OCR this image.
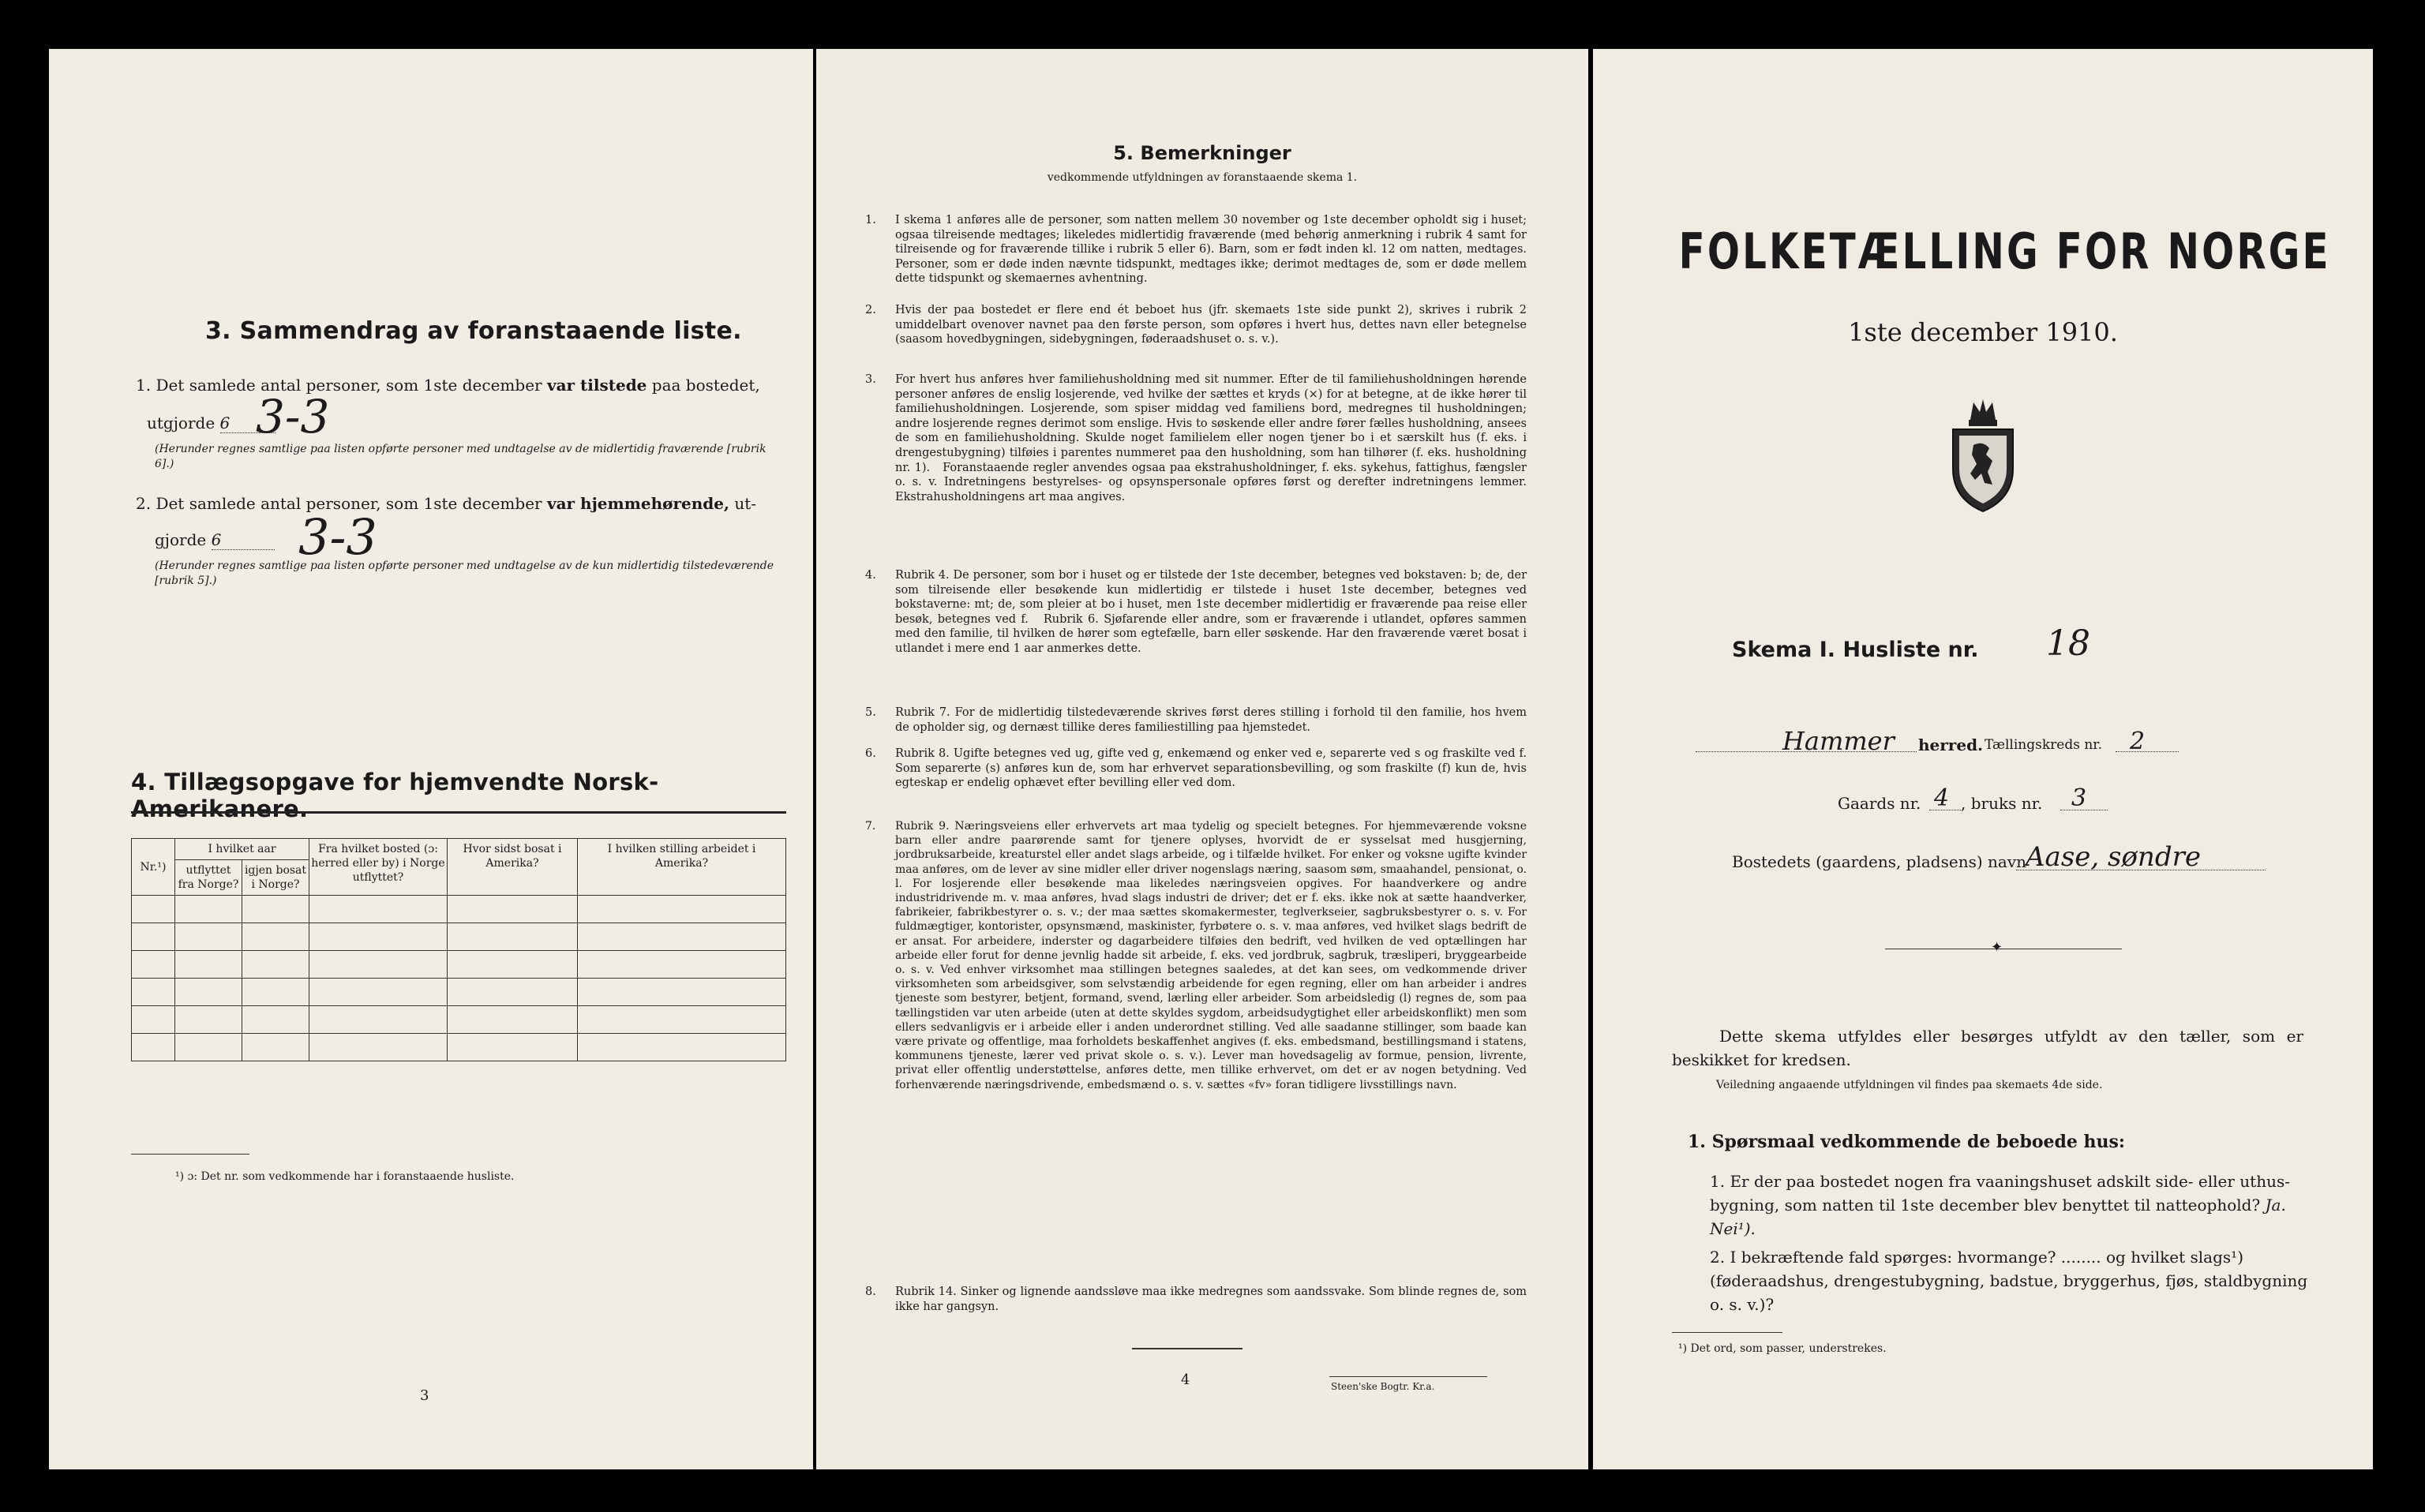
3. Sammendrag av foranstaaende liste.
1. Det samlede antal personer, som 1ste december var tilstede paa bostedet,
utgjorde 6 3-3
(Herunder regnes samtlige paa listen opførte personer med undtagelse av de midlertidig fraværende [rubrik 6].)
2. Det samlede antal personer, som 1ste december var hjemmehørende, ut-
gjorde 6	3-3
(Herunder regnes samtlige paa listen opførte personer med undtagelse av de kun midlertidig tilstedeværende [rubrik 5].)
4. Tillægsopgave for hjemvendte Norsk-Amerikanere.
Nr.¹)	I hvilket aar		Fra hvilket bosted (ɔ: herred eller by) i Norge utflyttet?	Hvor sidst bosat i Amerika?	I hvilken stilling arbeidet i Amerika?
	utflyttet fra Norge?	igjen bosat i Norge?			

¹) ɔ: Det nr. som vedkommende har i foranstaaende husliste.
3
5. Bemerkninger
vedkommende utfyldningen av foranstaaende skema 1.
1. I skema 1 anføres alle de personer, som natten mellem 30 november og 1ste december opholdt sig i huset; ogsaa tilreisende medtages; likeledes midlertidig fraværende (med behørig anmerkning i rubrik 4 samt for tilreisende og for fraværende tillike i rubrik 5 eller 6). Barn, som er født inden kl. 12 om natten, medtages. Personer, som er døde inden nævnte tidspunkt, medtages ikke; derimot medtages de, som er døde mellem dette tidspunkt og skemaernes avhentning.
2. Hvis der paa bostedet er flere end ét beboet hus (jfr. skemaets 1ste side punkt 2), skrives i rubrik 2 umiddelbart ovenover navnet paa den første person, som opføres i hvert hus, dettes navn eller betegnelse (saasom hovedbygningen, sidebygningen, føderaadshuset o. s. v.).
3. For hvert hus anføres hver familiehusholdning med sit nummer. Efter de til familiehusholdningen hørende personer anføres de enslig losjerende, ved hvilke der sættes et kryds (×) for at betegne, at de ikke hører til familiehusholdningen. Losjerende, som spiser middag ved familiens bord, medregnes til husholdningen; andre losjerende regnes derimot som enslige. Hvis to søskende eller andre fører fælles husholdning, ansees de som en familiehusholdning. Skulde noget familielem eller nogen tjener bo i et særskilt hus (f. eks. i drengestubygning) tilføies i parentes nummeret paa den husholdning, som han tilhører (f. eks. husholdning nr. 1).   Foranstaaende regler anvendes ogsaa paa ekstrahusholdninger, f. eks. sykehus, fattighus, fængsler o. s. v. Indretningens bestyrelses- og opsynspersonale opføres først og derefter indretningens lemmer. Ekstrahusholdningens art maa angives.
4. Rubrik 4. De personer, som bor i huset og er tilstede der 1ste december, betegnes ved bokstaven: b; de, der som tilreisende eller besøkende kun midlertidig er tilstede i huset 1ste december, betegnes ved bokstaverne: mt; de, som pleier at bo i huset, men 1ste december midlertidig er fraværende paa reise eller besøk, betegnes ved f.   Rubrik 6. Sjøfarende eller andre, som er fraværende i utlandet, opføres sammen med den familie, til hvilken de hører som egtefælle, barn eller søskende. Har den fraværende været bosat i utlandet i mere end 1 aar anmerkes dette.
5. Rubrik 7. For de midlertidig tilstedeværende skrives først deres stilling i forhold til den familie, hos hvem de opholder sig, og dernæst tillike deres familiestilling paa hjemstedet.
6. Rubrik 8. Ugifte betegnes ved ug, gifte ved g, enkemænd og enker ved e, separerte ved s og fraskilte ved f. Som separerte (s) anføres kun de, som har erhvervet separationsbevilling, og som fraskilte (f) kun de, hvis egteskap er endelig ophævet efter bevilling eller ved dom.
7. Rubrik 9. Næringsveiens eller erhvervets art maa tydelig og specielt betegnes. For hjemmeværende voksne barn eller andre paarørende samt for tjenere oplyses, hvorvidt de er sysselsat med husgjerning, jordbruksarbeide, kreaturstel eller andet slags arbeide, og i tilfælde hvilket. For enker og voksne ugifte kvinder maa anføres, om de lever av sine midler eller driver nogenslags næring, saasom søm, smaahandel, pensionat, o. l. For losjerende eller besøkende maa likeledes næringsveien opgives. For haandverkere og andre industridrivende m. v. maa anføres, hvad slags industri de driver; det er f. eks. ikke nok at sætte haandverker, fabrikeier, fabrikbestyrer o. s. v.; der maa sættes skomakermester, teglverkseier, sagbruksbestyrer o. s. v. For fuldmægtiger, kontorister, opsynsmænd, maskinister, fyrbøtere o. s. v. maa anføres, ved hvilket slags bedrift de er ansat. For arbeidere, inderster og dagarbeidere tilføies den bedrift, ved hvilken de ved optællingen har arbeide eller forut for denne jevnlig hadde sit arbeide, f. eks. ved jordbruk, sagbruk, træsliperi, bryggearbeide o. s. v. Ved enhver virksomhet maa stillingen betegnes saaledes, at det kan sees, om vedkommende driver virksomheten som arbeidsgiver, som selvstændig arbeidende for egen regning, eller om han arbeider i andres tjeneste som bestyrer, betjent, formand, svend, lærling eller arbeider. Som arbeidsledig (l) regnes de, som paa tællingstiden var uten arbeide (uten at dette skyldes sygdom, arbeidsudygtighet eller arbeidskonflikt) men som ellers sedvanligvis er i arbeide eller i anden underordnet stilling. Ved alle saadanne stillinger, som baade kan være private og offentlige, maa forholdets beskaffenhet angives (f. eks. embedsmand, bestillingsmand i statens, kommunens tjeneste, lærer ved privat skole o. s. v.). Lever man hovedsagelig av formue, pension, livrente, privat eller offentlig understøttelse, anføres dette, men tillike erhvervet, om det er av nogen betydning. Ved forhenværende næringsdrivende, embedsmænd o. s. v. sættes «fv» foran tidligere livsstillings navn.
8. Rubrik 14. Sinker og lignende aandssløve maa ikke medregnes som aandssvake. Som blinde regnes de, som ikke har gangsyn.
4	Steen'ske Bogtr. Kr.a.
FOLKETÆLLING FOR NORGE
1ste december 1910.
Skema I. Husliste nr. 18
Hammer herred. Tællingskreds nr. 2
Gaards nr. 4 , bruks nr. 3
Bostedets (gaardens, pladsens) navn Aase, søndre
✦
Dette skema utfyldes eller besørges utfyldt av den tæller, som er beskikket for kredsen.
Veiledning angaaende utfyldningen vil findes paa skemaets 4de side.
1. Spørsmaal vedkommende de beboede hus:
1. Er der paa bostedet nogen fra vaaningshuset adskilt side- eller uthus-bygning, som natten til 1ste december blev benyttet til natteophold? Ja. Nei¹).
2. I bekræftende fald spørges: hvormange? ........ og hvilket slags¹) (føderaadshus, drengestubygning, badstue, bryggerhus, fjøs, staldbygning o. s. v.)?
¹) Det ord, som passer, understrekes.
